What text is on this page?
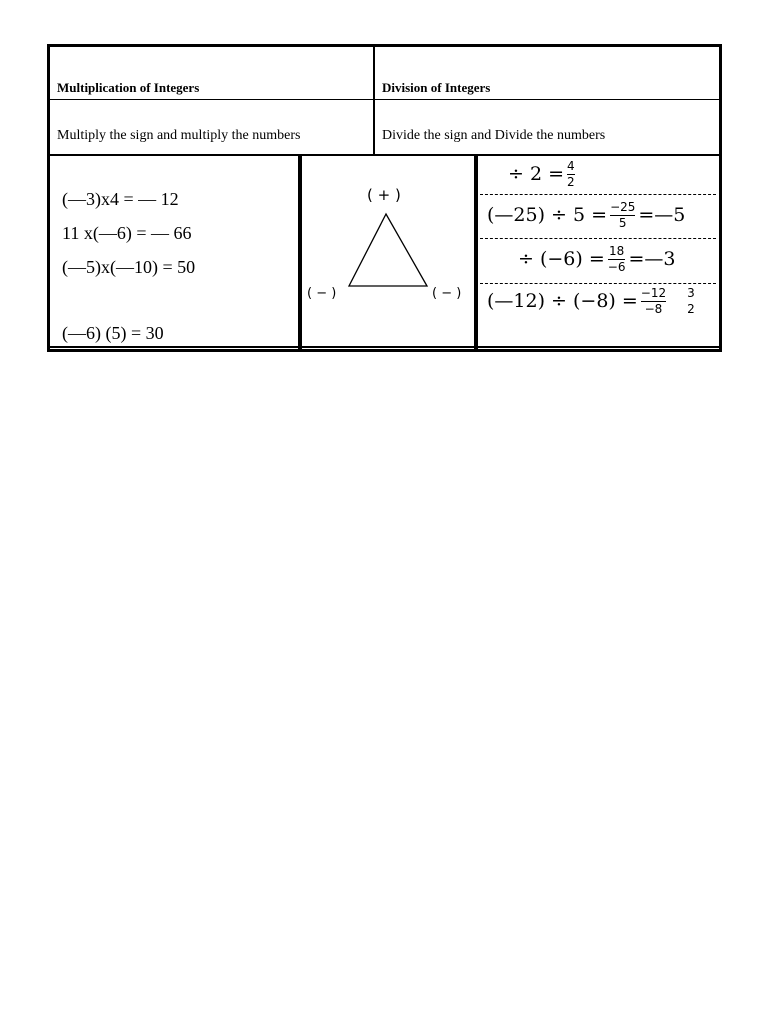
Multiplication of Integers	Division of Integers
Multiply the sign and multiply the numbers	Divide the sign and Divide the numbers
(—3)x4 = — 12
11 x(—6) = — 66
(—5)x(—10) = 50
(—6) (5) = 30
( + )
( − )	( − )
÷ $2 = \frac{4}{2}$
(—25) ÷ $5 = \frac{-25}{5}$ =—5
÷ $(-6) = \frac{18}{-6}$ =—3
(—12) ÷ $(-8) = \frac{-12}{-8} 3$
2
